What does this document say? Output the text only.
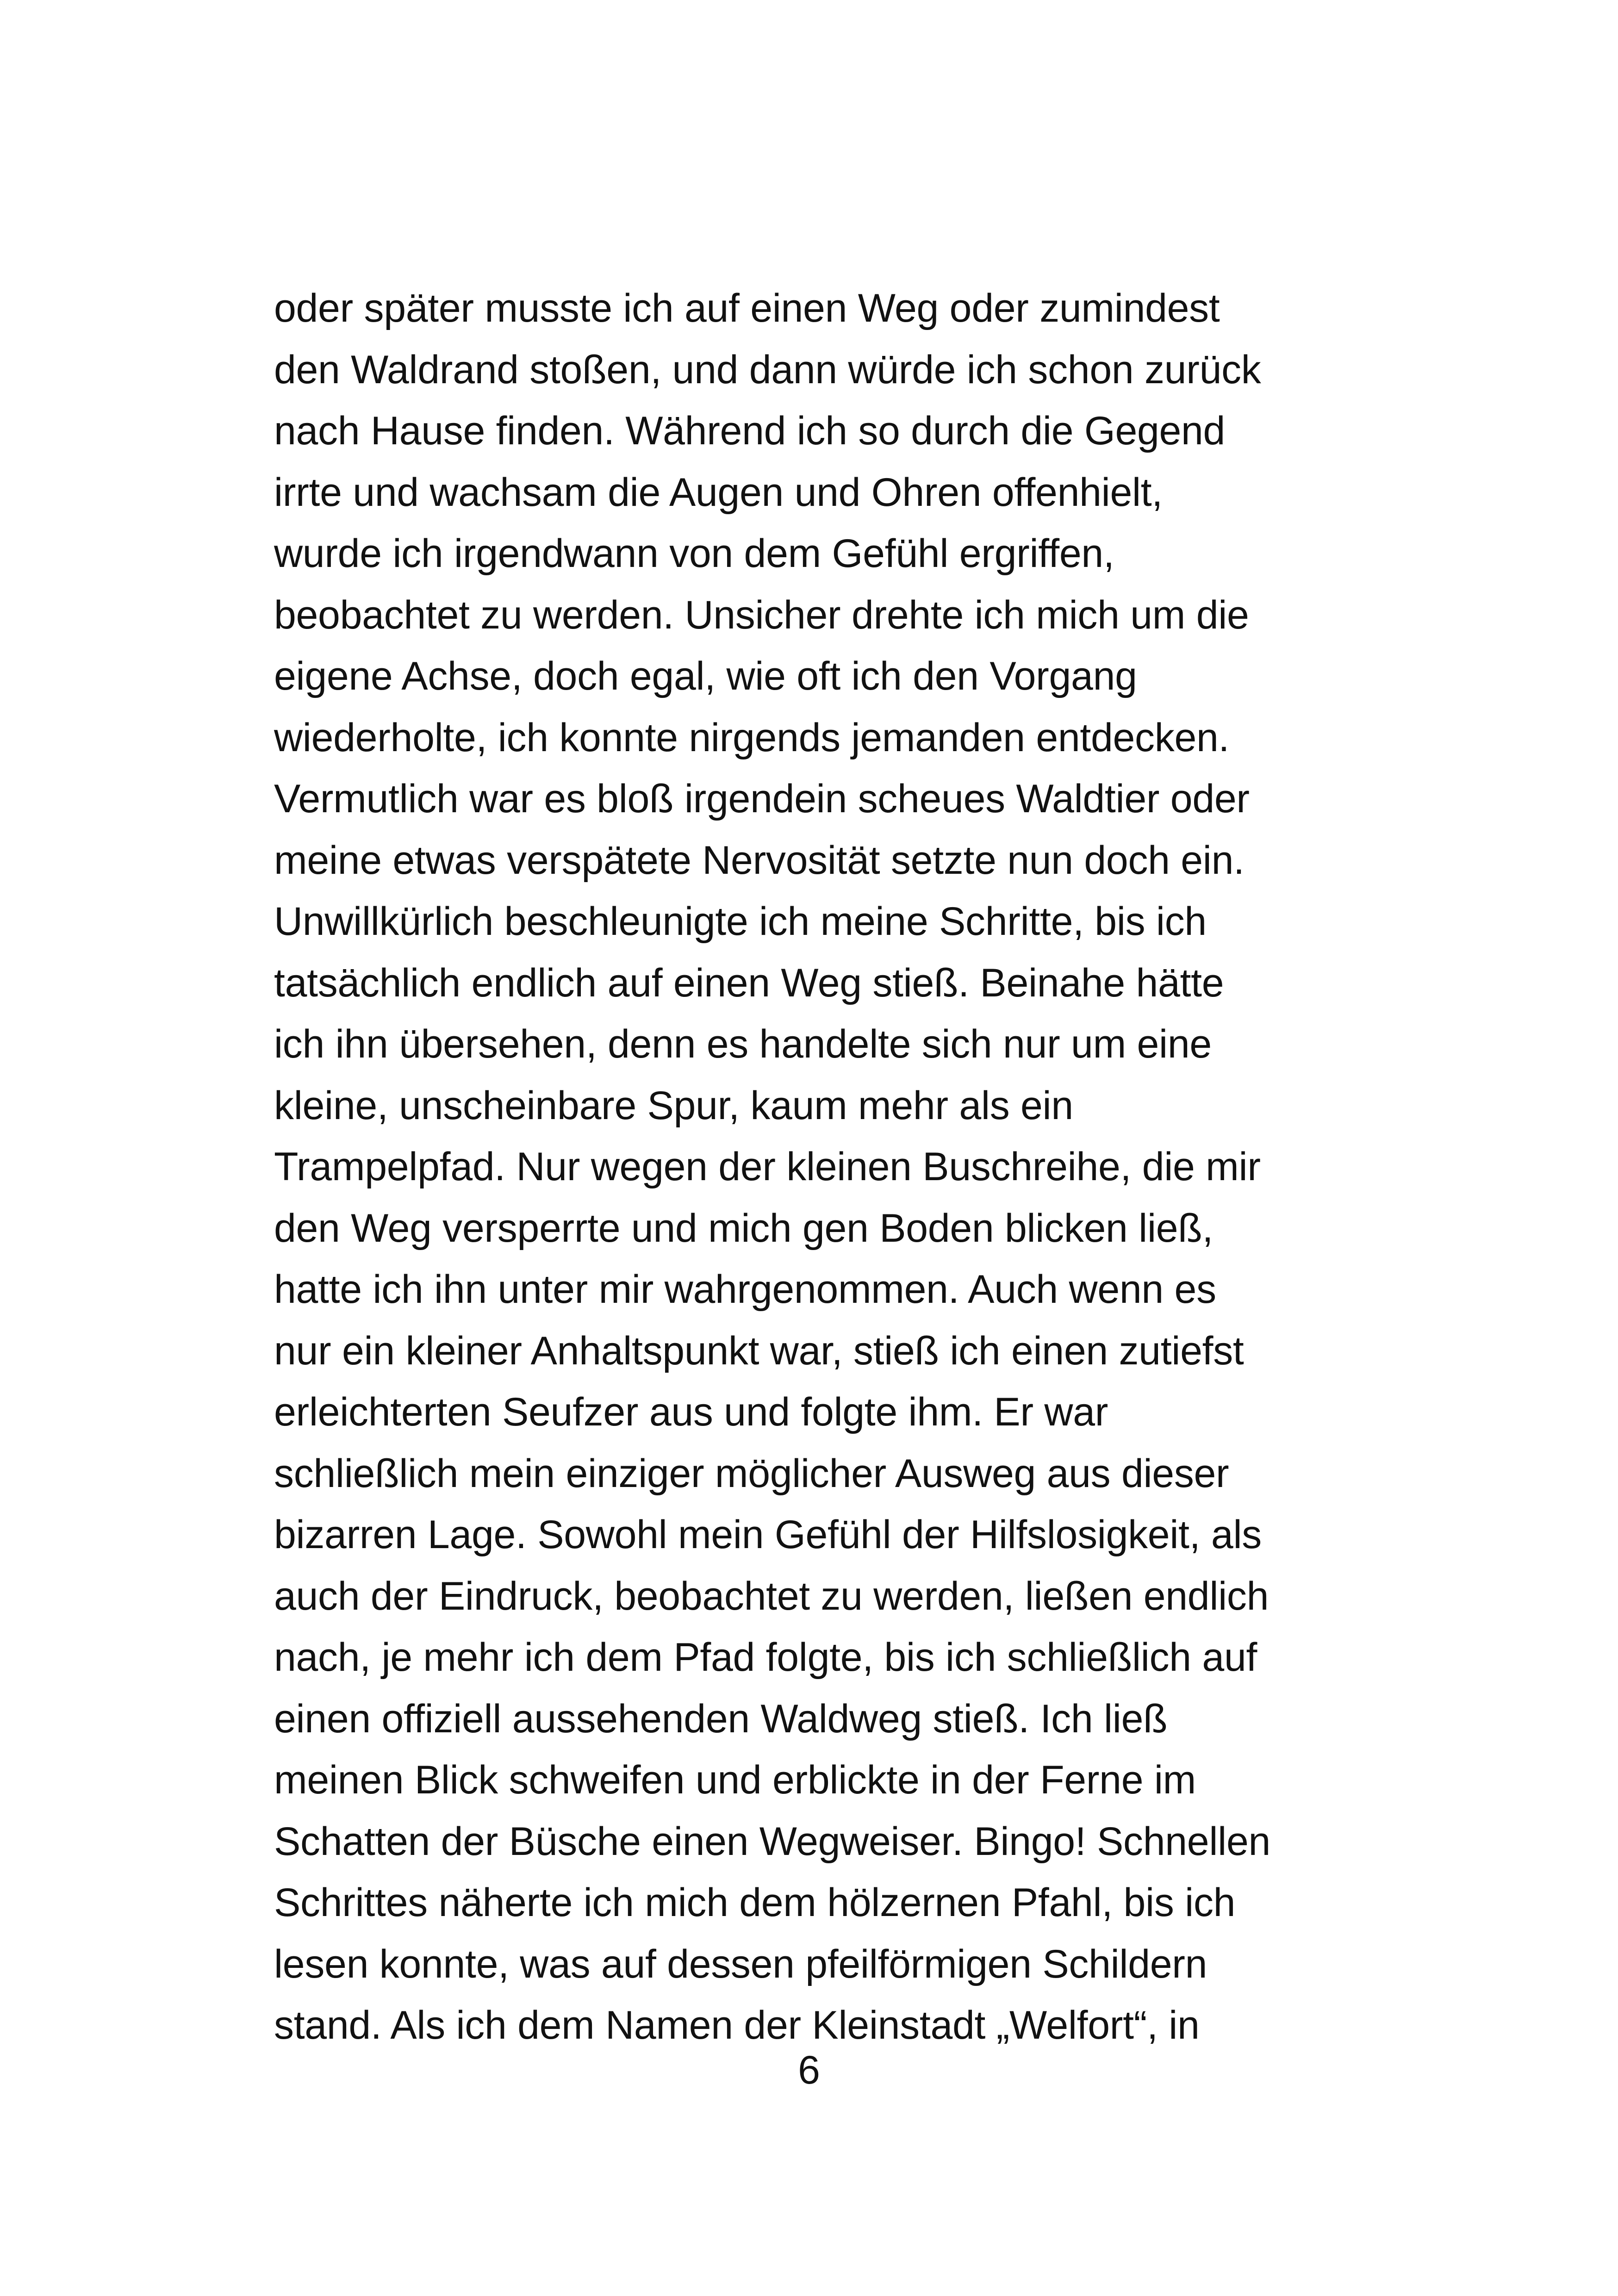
oder später musste ich auf einen Weg oder zumindest
den Waldrand stoßen, und dann würde ich schon zurück
nach Hause finden. Während ich so durch die Gegend
irrte und wachsam die Augen und Ohren offenhielt,
wurde ich irgendwann von dem Gefühl ergriffen,
beobachtet zu werden. Unsicher drehte ich mich um die
eigene Achse, doch egal, wie oft ich den Vorgang
wiederholte, ich konnte nirgends jemanden entdecken.
Vermutlich war es bloß irgendein scheues Waldtier oder
meine etwas verspätete Nervosität setzte nun doch ein.
Unwillkürlich beschleunigte ich meine Schritte, bis ich
tatsächlich endlich auf einen Weg stieß. Beinahe hätte
ich ihn übersehen, denn es handelte sich nur um eine
kleine, unscheinbare Spur, kaum mehr als ein
Trampelpfad. Nur wegen der kleinen Buschreihe, die mir
den Weg versperrte und mich gen Boden blicken ließ,
hatte ich ihn unter mir wahrgenommen. Auch wenn es
nur ein kleiner Anhaltspunkt war, stieß ich einen zutiefst
erleichterten Seufzer aus und folgte ihm. Er war
schließlich mein einziger möglicher Ausweg aus dieser
bizarren Lage. Sowohl mein Gefühl der Hilfslosigkeit, als
auch der Eindruck, beobachtet zu werden, ließen endlich
nach, je mehr ich dem Pfad folgte, bis ich schließlich auf
einen offiziell aussehenden Waldweg stieß. Ich ließ
meinen Blick schweifen und erblickte in der Ferne im
Schatten der Büsche einen Wegweiser. Bingo! Schnellen
Schrittes näherte ich mich dem hölzernen Pfahl, bis ich
lesen konnte, was auf dessen pfeilförmigen Schildern
stand. Als ich dem Namen der Kleinstadt „Welfort“, in
6
